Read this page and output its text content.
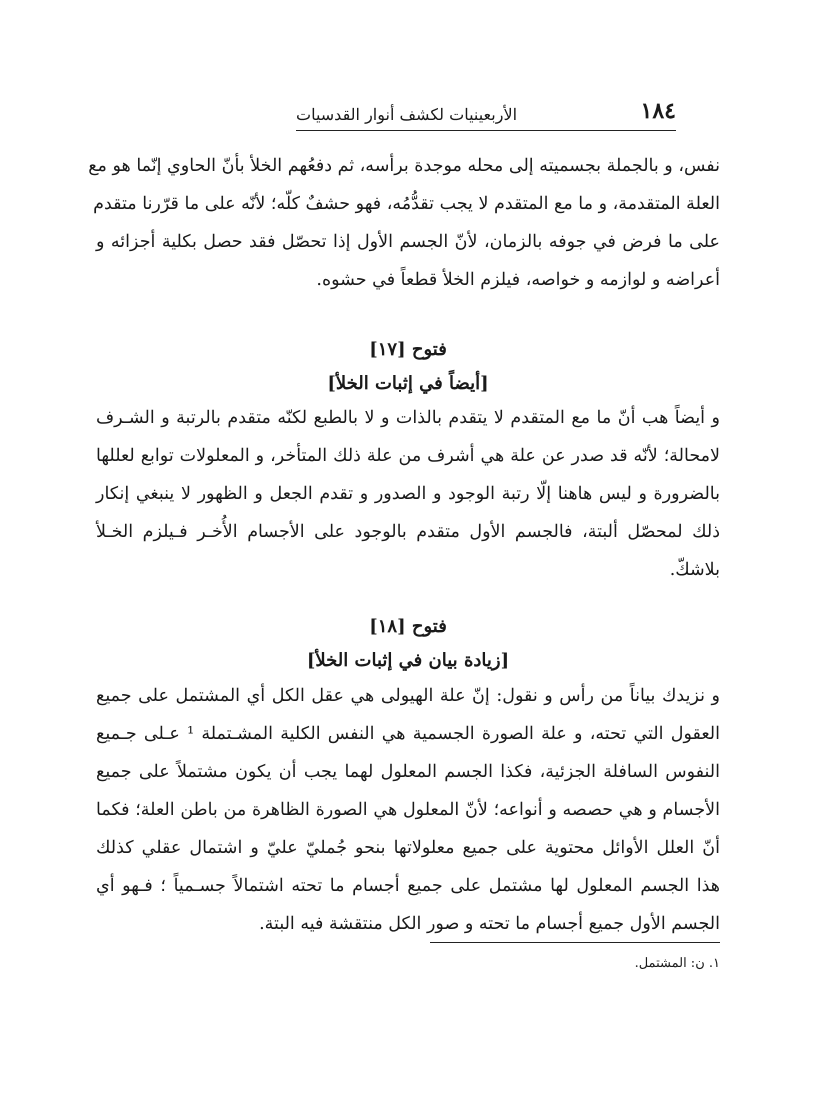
١٨٤
الأربعينيات لكشف أنوار القدسيات
نفس، و بالجملة بجسميته إلى محله موجدة برأسه، ثم دفعُهم الخلأ بأنّ الحاوي إنّما هو مع
العلة المتقدمة، و ما مع المتقدم لا يجب تقدُّمُه، فهو حشفٌ كلّه؛ لأنّه على ما قرّرنا متقدم
على ما فرض في جوفه بالزمان، لأنّ الجسم الأول إذا تحصّل فقد حصل بكلية أجزائه و
أعراضه و لوازمه و خواصه، فيلزم الخلأ قطعاً في حشوه.
فتوح [١٧]
[أيضاً في إثبات الخلأ]
و أيضاً هب أنّ ما مع المتقدم لا يتقدم بالذات و لا بالطبع لكنّه متقدم بالرتبة و الشـرف
لامحالة؛ لأنّه قد صدر عن علة هي أشرف من علة ذلك المتأخر، و المعلولات توابع لعللها
بالضرورة و ليس هاهنا إلّا رتبة الوجود و الصدور و تقدم الجعل و الظهور لا ينبغي إنكار
ذلك لمحصّل ألبتة، فالجسم الأول متقدم بالوجود على الأجسام الأُخـر فـيلزم الخـلأ
بلاشكّ.
فتوح [١٨]
[زيادة بيان في إثبات الخلأ]
و نزيدك بياناً من رأس و نقول: إنّ علة الهيولى هي عقل الكل أي المشتمل على جميع
العقول التي تحته، و علة الصورة الجسمية هي النفس الكلية المشـتملة ¹ عـلى جـميع
النفوس السافلة الجزئية، فكذا الجسم المعلول لهما يجب أن يكون مشتملاً على جميع
الأجسام و هي حصصه و أنواعه؛ لأنّ المعلول هي الصورة الظاهرة من باطن العلة؛ فكما
أنّ العلل الأوائل محتوية على جميع معلولاتها بنحو جُمليّ عليّ و اشتمال عقلي كذلك
هذا الجسم المعلول لها مشتمل على جميع أجسام ما تحته اشتمالاً جسـمياً ؛ فـهو أي
الجسم الأول جميع أجسام ما تحته و صور الكل منتقشة فيه البتة.
١. ن: المشتمل.
